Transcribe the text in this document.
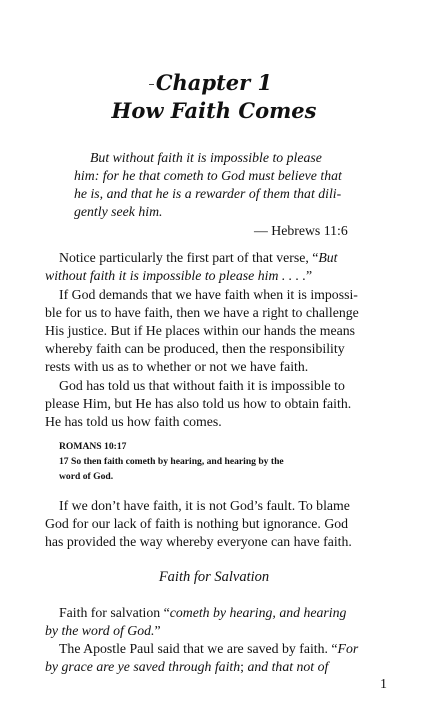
Chapter 1
How Faith Comes
But without faith it is impossible to please
him: for he that cometh to God must believe that
he is, and that he is a rewarder of them that dili-
gently seek him.
— Hebrews 11:6
Notice particularly the first part of that verse, “But
without faith it is impossible to please him . . . .”
If God demands that we have faith when it is impossi-
ble for us to have faith, then we have a right to challenge
His justice. But if He places within our hands the means
whereby faith can be produced, then the responsibility
rests with us as to whether or not we have faith.
God has told us that without faith it is impossible to
please Him, but He has also told us how to obtain faith.
He has told us how faith comes.
ROMANS 10:17
17 So then faith cometh by hearing, and hearing by the
word of God.
If we don’t have faith, it is not God’s fault. To blame
God for our lack of faith is nothing but ignorance. God
has provided the way whereby everyone can have faith.
Faith for Salvation
Faith for salvation “cometh by hearing, and hearing
by the word of God.”
The Apostle Paul said that we are saved by faith. “For
by grace are ye saved through faith; and that not of
1
